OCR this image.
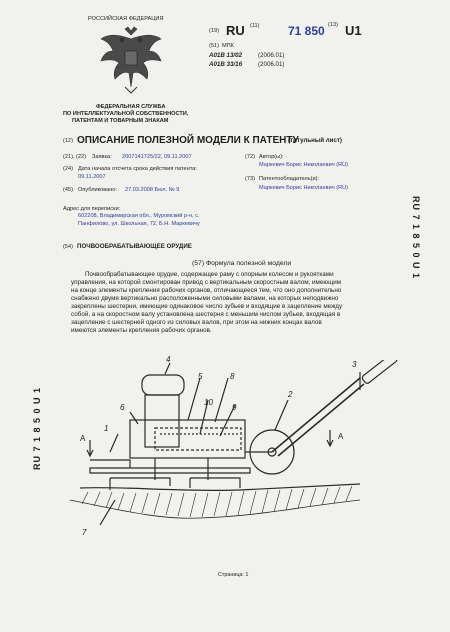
РОССИЙСКАЯ ФЕДЕРАЦИЯ
ФЕДЕРАЛЬНАЯ СЛУЖБА
ПО ИНТЕЛЛЕКТУАЛЬНОЙ СОБСТВЕННОСТИ,
ПАТЕНТАМ И ТОВАРНЫМ ЗНАКАМ
(19) RU (11) 71 850 (13) U1
(51) МПК
A01B 13/02	(2006.01)
A01B 33/16	(2006.01)
(12) ОПИСАНИЕ ПОЛЕЗНОЙ МОДЕЛИ К ПАТЕНТУ
(титульный лист)
(21), (22) Заявка: 2007141725/22, 09.11.2007
(24) Дата начала отсчета срока действия патента:
09.11.2007
(45) Опубликовано: 27.03.2008 Бюл. № 9
Адрес для переписки:
602208, Владимирская обл., Муромский р-н, с.
Панфилово, ул. Школьная, 72, Б.Н. Маркевичу
(72) Автор(ы):
Маркевич Борис Николаевич (RU)
(73) Патентообладатель(и):
Маркевич Борис Николаевич (RU)
(54) ПОЧВООБРАБАТЫВАЮЩЕЕ ОРУДИЕ
(57) Формула полезной модели
Почвообрабатывающее орудие, содержащее раму с опорным колесом и рукоятками
управления, на которой смонтирован привод с вертикальным скоростным валом, имеющим
на конце элементы крепления рабочих органов, отличающееся тем, что оно дополнительно
снабжено двумя вертикально расположенными силовыми валами, на которых неподвижно
закреплены шестерни, имеющие одинаковое число зубьев и входящие в зацепление между
собой, а на скоростном валу установлена шестерня с меньшим числом зубьев, входящая в
зацепление с шестерней одного из силовых валов, при этом на нижних концах валов
имеются элементы крепления рабочих органов.
RU 7 1 8 5 0 U 1
RU 7 1 8 5 0 U 1
4
5	8
10
9
6
1
2
3
7
A	A
Страница: 1
